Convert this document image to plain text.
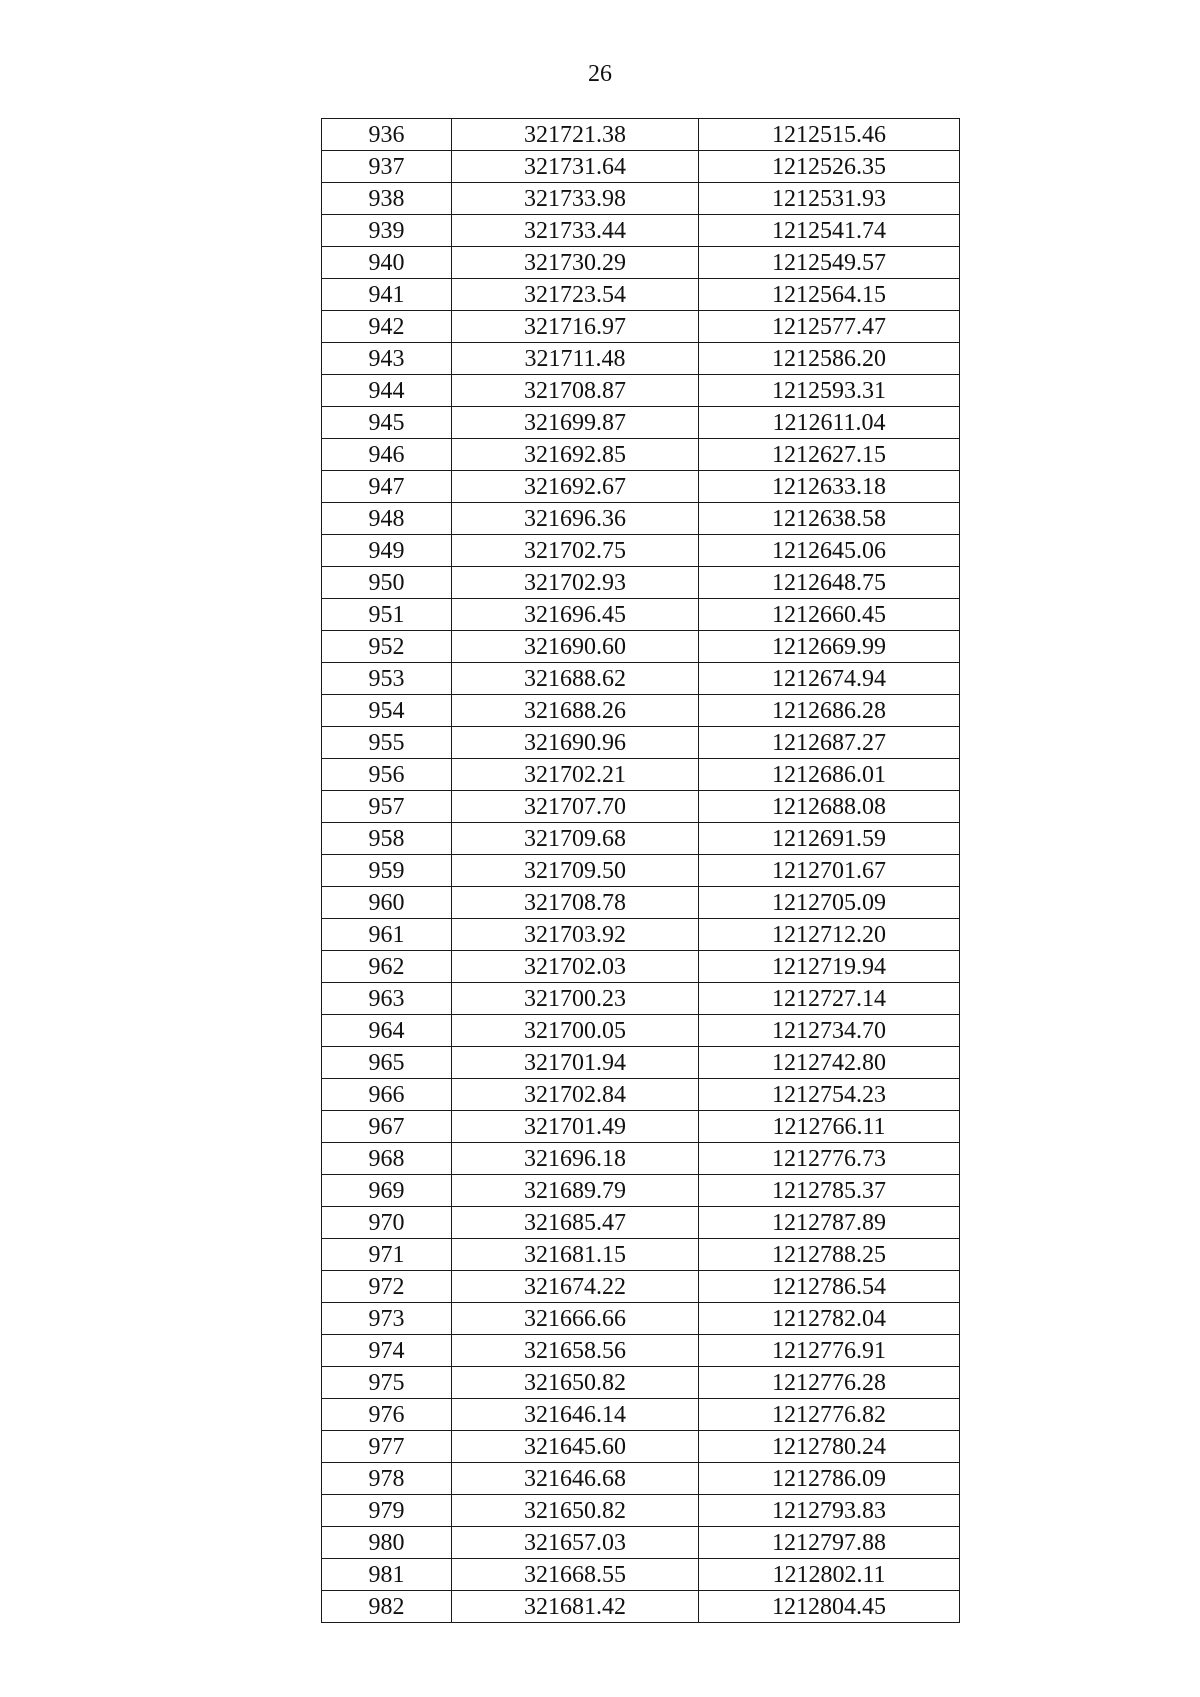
26
936	321721.38	1212515.46
937	321731.64	1212526.35
938	321733.98	1212531.93
939	321733.44	1212541.74
940	321730.29	1212549.57
941	321723.54	1212564.15
942	321716.97	1212577.47
943	321711.48	1212586.20
944	321708.87	1212593.31
945	321699.87	1212611.04
946	321692.85	1212627.15
947	321692.67	1212633.18
948	321696.36	1212638.58
949	321702.75	1212645.06
950	321702.93	1212648.75
951	321696.45	1212660.45
952	321690.60	1212669.99
953	321688.62	1212674.94
954	321688.26	1212686.28
955	321690.96	1212687.27
956	321702.21	1212686.01
957	321707.70	1212688.08
958	321709.68	1212691.59
959	321709.50	1212701.67
960	321708.78	1212705.09
961	321703.92	1212712.20
962	321702.03	1212719.94
963	321700.23	1212727.14
964	321700.05	1212734.70
965	321701.94	1212742.80
966	321702.84	1212754.23
967	321701.49	1212766.11
968	321696.18	1212776.73
969	321689.79	1212785.37
970	321685.47	1212787.89
971	321681.15	1212788.25
972	321674.22	1212786.54
973	321666.66	1212782.04
974	321658.56	1212776.91
975	321650.82	1212776.28
976	321646.14	1212776.82
977	321645.60	1212780.24
978	321646.68	1212786.09
979	321650.82	1212793.83
980	321657.03	1212797.88
981	321668.55	1212802.11
982	321681.42	1212804.45
